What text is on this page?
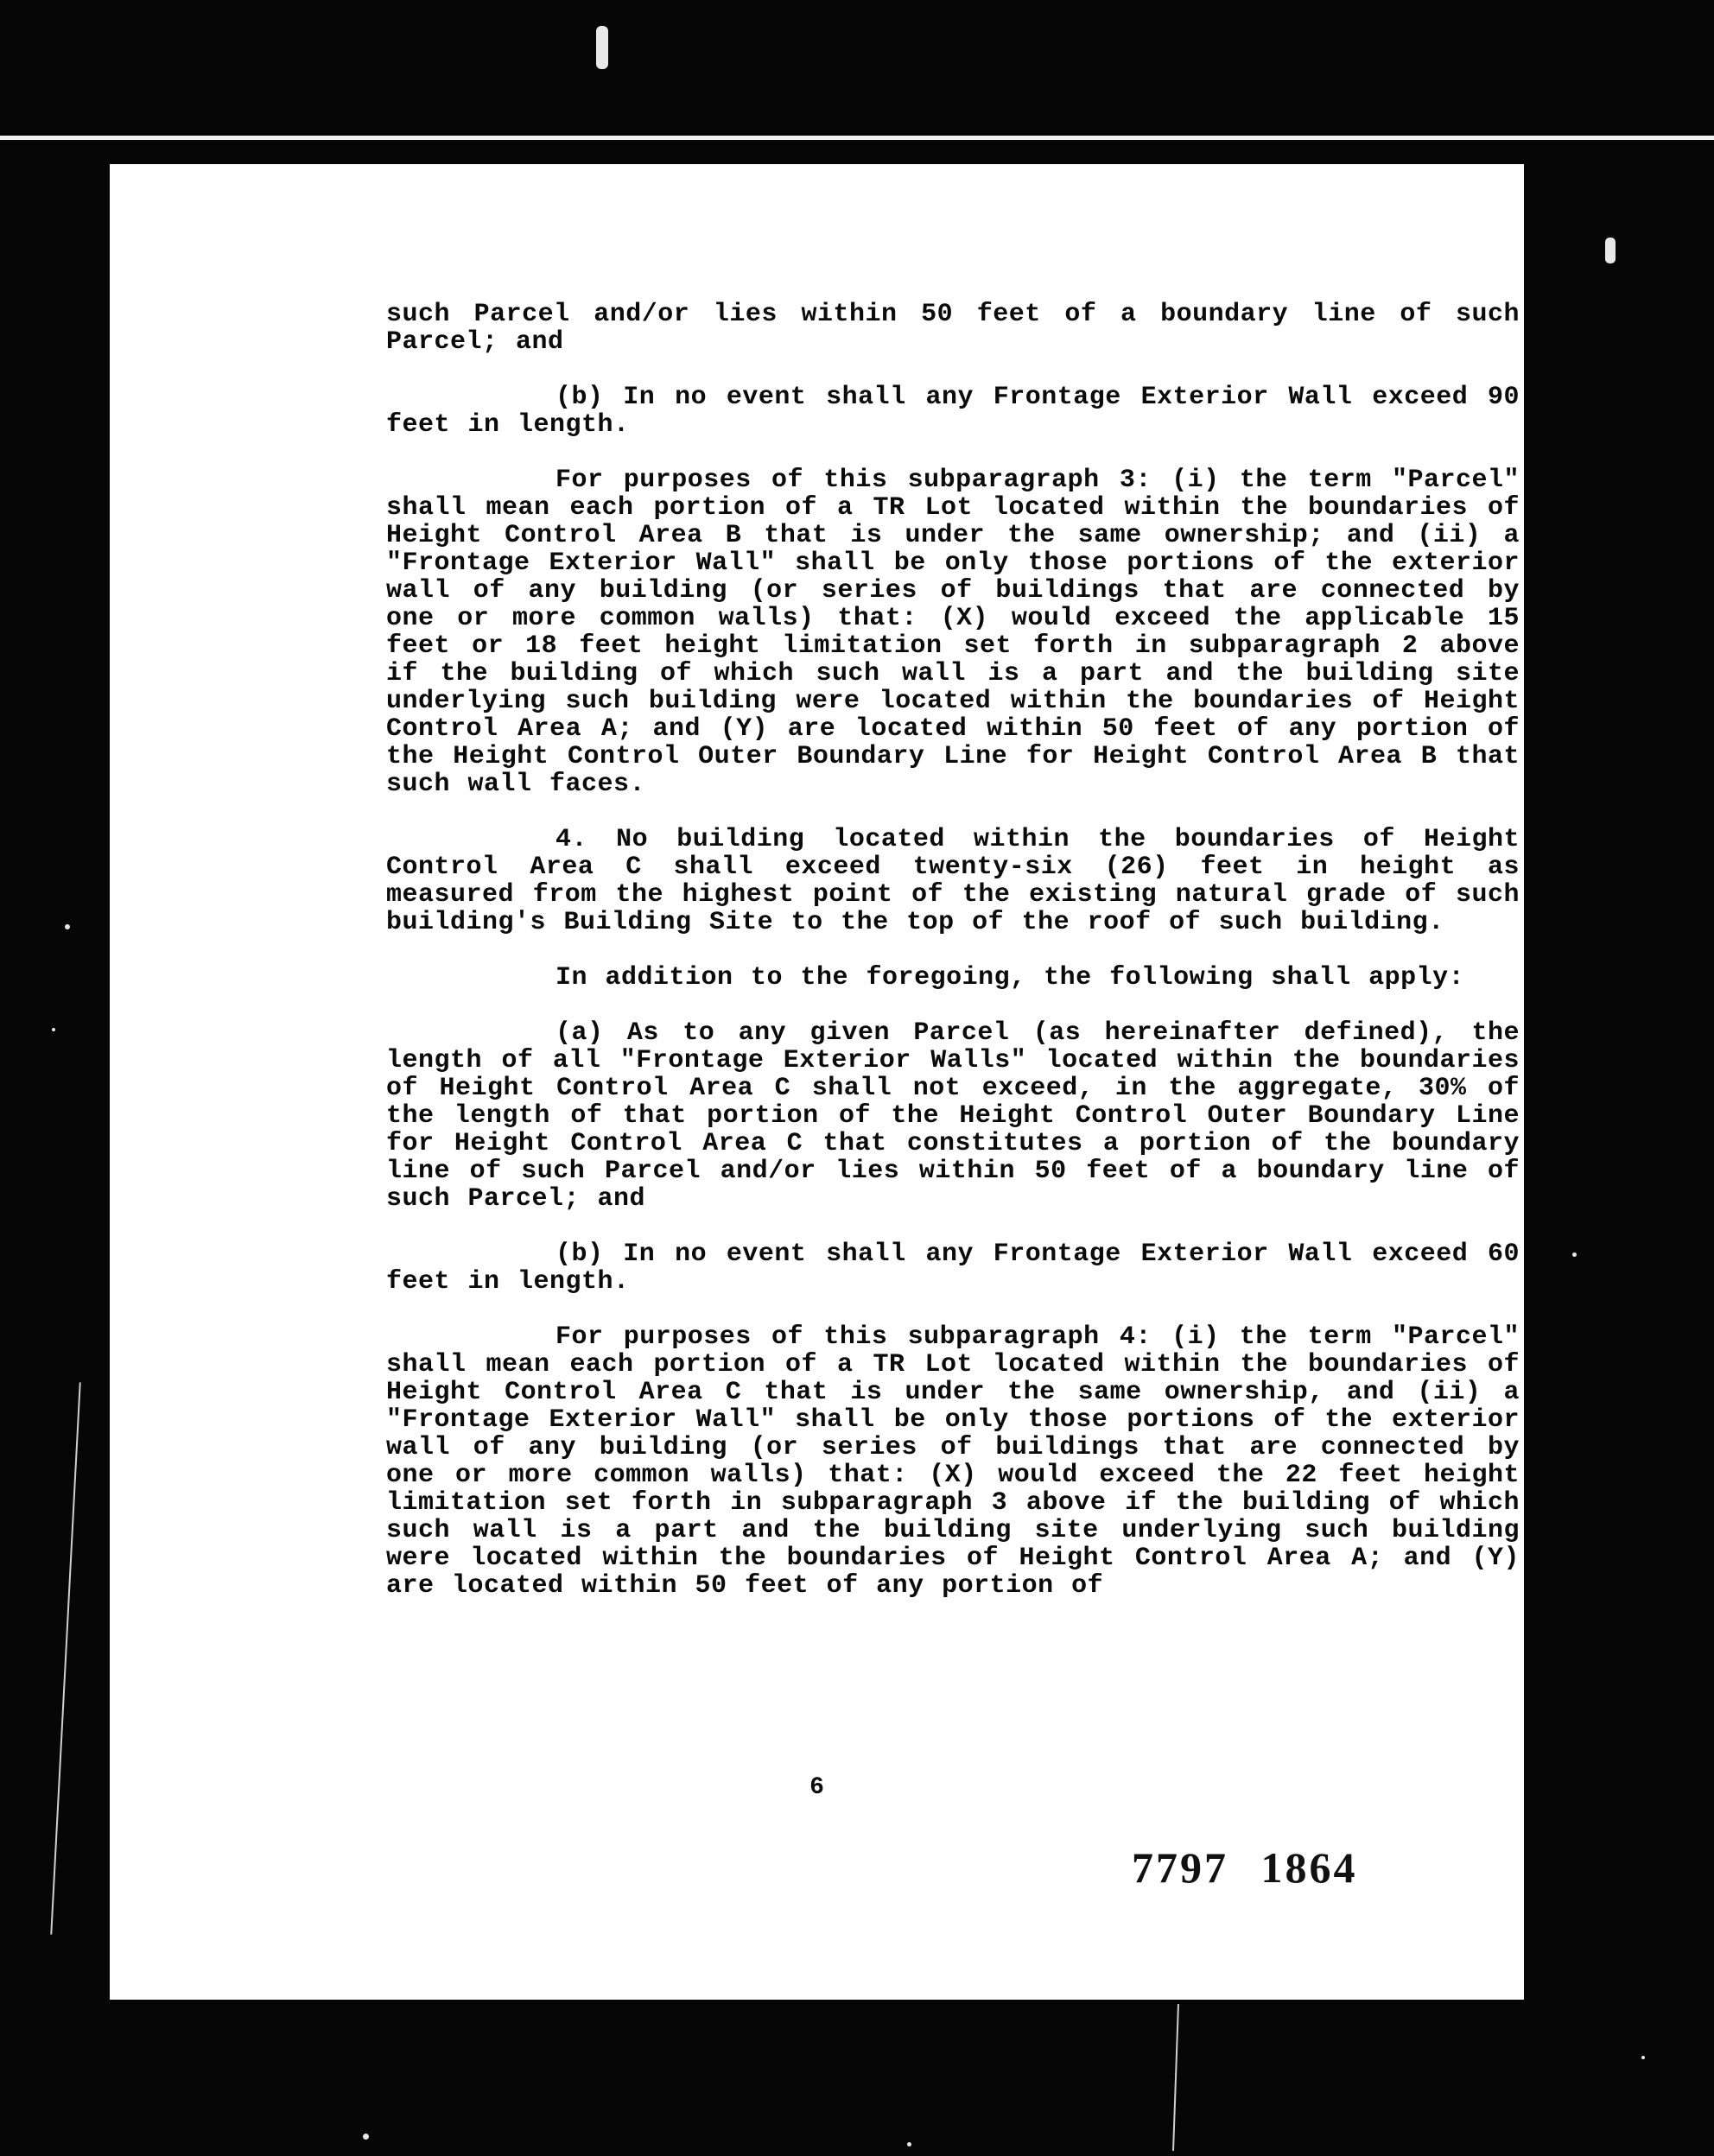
such Parcel and/or lies within 50 feet of a boundary line of such Parcel; and

(b) In no event shall any Frontage Exterior Wall exceed 90 feet in length.

For purposes of this subparagraph 3: (i) the term "Parcel" shall mean each portion of a TR Lot located within the boundaries of Height Control Area B that is under the same ownership; and (ii) a "Frontage Exterior Wall" shall be only those portions of the exterior wall of any building (or series of buildings that are connected by one or more common walls) that: (X) would exceed the applicable 15 feet or 18 feet height limitation set forth in subparagraph 2 above if the building of which such wall is a part and the building site underlying such building were located within the boundaries of Height Control Area A; and (Y) are located within 50 feet of any portion of the Height Control Outer Boundary Line for Height Control Area B that such wall faces.

4. No building located within the boundaries of Height Control Area C shall exceed twenty-six (26) feet in height as measured from the highest point of the existing natural grade of such building's Building Site to the top of the roof of such building.

In addition to the foregoing, the following shall apply:

(a) As to any given Parcel (as hereinafter defined), the length of all "Frontage Exterior Walls" located within the boundaries of Height Control Area C shall not exceed, in the aggregate, 30% of the length of that portion of the Height Control Outer Boundary Line for Height Control Area C that constitutes a portion of the boundary line of such Parcel and/or lies within 50 feet of a boundary line of such Parcel; and

(b) In no event shall any Frontage Exterior Wall exceed 60 feet in length.

For purposes of this subparagraph 4: (i) the term "Parcel" shall mean each portion of a TR Lot located within the boundaries of Height Control Area C that is under the same ownership, and (ii) a "Frontage Exterior Wall" shall be only those portions of the exterior wall of any building (or series of buildings that are connected by one or more common walls) that: (X) would exceed the 22 feet height limitation set forth in subparagraph 3 above if the building of which such wall is a part and the building site underlying such building were located within the boundaries of Height Control Area A; and (Y) are located within 50 feet of any portion of

6
7797 1864
